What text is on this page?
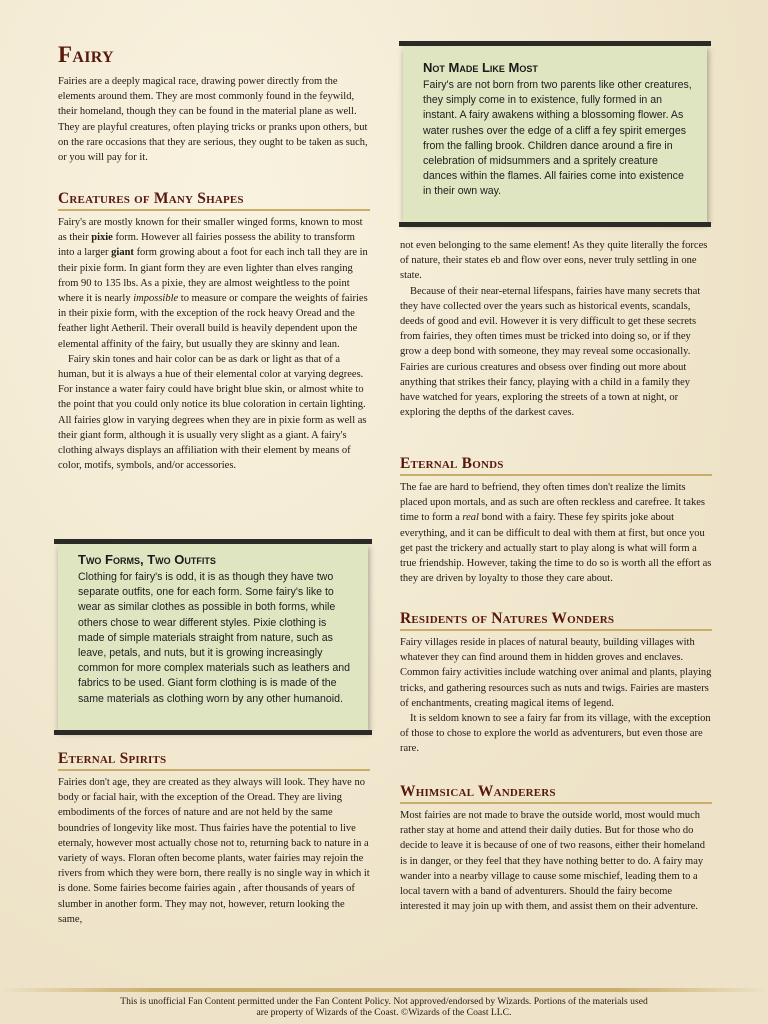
Fairy

Fairies are a deeply magical race, drawing power directly from the elements around them. They are most commonly found in the feywild, their homeland, though they can be found in the material plane as well. They are playful creatures, often playing tricks or pranks upon others, but on the rare occasions that they are serious, they ought to be taken as such, or you will pay for it.

Creatures of Many Shapes

Fairy's are mostly known for their smaller winged forms, known to most as their pixie form. However all fairies possess the ability to transform into a larger giant form growing about a foot for each inch tall they are in their pixie form. In giant form they are even lighter than elves ranging from 90 to 135 lbs. As a pixie, they are almost weightless to the point where it is nearly impossible to measure or compare the weights of fairies in their pixie form, with the exception of the rock heavy Oread and the feather light Aetheril. Their overall build is heavily dependent upon the elemental affinity of the fairy, but usually they are skinny and lean.

Fairy skin tones and hair color can be as dark or light as that of a human, but it is always a hue of their elemental color at varying degrees. For instance a water fairy could have bright blue skin, or almost white to the point that you could only notice its blue coloration in certain lighting. All fairies glow in varying degrees when they are in pixie form as well as their giant form, although it is usually very slight as a giant. A fairy's clothing always displays an affiliation with their element by means of color, motifs, symbols, and/or accessories.

Two Forms, Two Outfits

Clothing for fairy's is odd, it is as though they have two separate outfits, one for each form. Some fairy's like to wear as similar clothes as possible in both forms, while others chose to wear different styles. Pixie clothing is made of simple materials straight from nature, such as leave, petals, and nuts, but it is growing increasingly common for more complex materials such as leathers and fabrics to be used. Giant form clothing is is made of the same materials as clothing worn by any other humanoid.

Eternal Spirits

Fairies don't age, they are created as they always will look. They have no body or facial hair, with the exception of the Oread. They are living embodiments of the forces of nature and are not held by the same boundries of longevity like most. Thus fairies have the potential to live eternaly, however most actually chose not to, returning back to nature in a variety of ways. Floran often become plants, water fairies may rejoin the rivers from which they were born, there really is no single way in which it is done. Some fairies become fairies again , after thousands of years of slumber in another form. They may not, however, return looking the same,

Not Made Like Most

Fairy's are not born from two parents like other creatures, they simply come in to existence, fully formed in an instant. A fairy awakens withing a blossoming flower. As water rushes over the edge of a cliff a fey spirit emerges from the falling brook. Children dance around a fire in celebration of midsummers and a spritely creature dances within the flames. All fairies come into existence in their own way.

not even belonging to the same element! As they quite literally the forces of nature, their states eb and flow over eons, never truly settling in one state.

Because of their near-eternal lifespans, fairies have many secrets that they have collected over the years such as historical events, scandals, deeds of good and evil. However it is very difficult to get these secrets from fairies, they often times must be tricked into doing so, or if they grow a deep bond with someone, they may reveal some occasionally. Fairies are curious creatures and obsess over finding out more about anything that strikes their fancy, playing with a child in a family they have watched for years, exploring the streets of a town at night, or exploring the depths of the darkest caves.

Eternal Bonds

The fae are hard to befriend, they often times don't realize the limits placed upon mortals, and as such are often reckless and carefree. It takes time to form a real bond with a fairy. These fey spirits joke about everything, and it can be difficult to deal with them at first, but once you get past the trickery and actually start to play along is what will form a true friendship. However, taking the time to do so is worth all the effort as they are driven by loyalty to those they care about.

Residents of Natures Wonders

Fairy villages reside in places of natural beauty, building villages with whatever they can find around them in hidden groves and enclaves. Common fairy activities include watching over animal and plants, playing tricks, and gathering resources such as nuts and twigs. Fairies are masters of enchantments, creating magical items of legend.

It is seldom known to see a fairy far from its village, with the exception of those to chose to explore the world as adventurers, but even those are rare.

Whimsical Wanderers

Most fairies are not made to brave the outside world, most would much rather stay at home and attend their daily duties. But for those who do decide to leave it is because of one of two reasons, either their homeland is in danger, or they feel that they have nothing better to do. A fairy may wander into a nearby village to cause some mischief, leading them to a local tavern with a band of adventurers. Should the fairy become interested it may join up with them, and assist them on their adventure.

This is unofficial Fan Content permitted under the Fan Content Policy. Not approved/endorsed by Wizards. Portions of the materials used
are property of Wizards of the Coast. ©Wizards of the Coast LLC.
